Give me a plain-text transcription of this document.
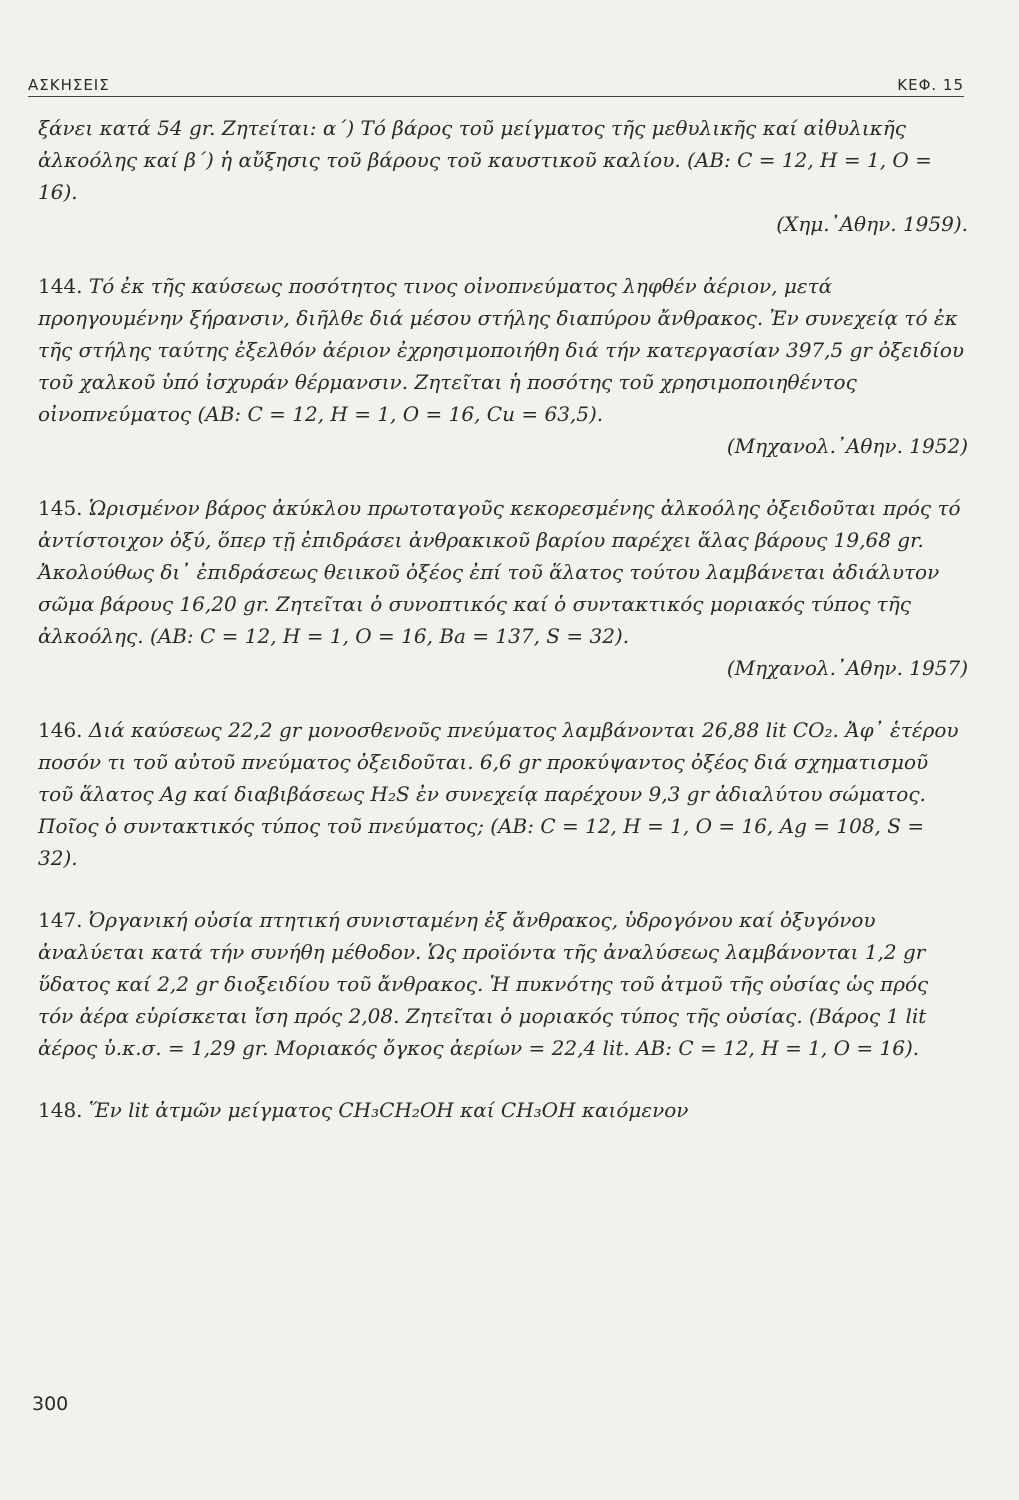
ΑΣΚΗΣΕΙΣ	ΚΕΦ. 15

ξάνει κατά 54 gr. Ζητείται: α΄) Τό βάρος τοῦ μείγματος τῆς μεθυλικῆς καί αἰθυλικῆς ἀλκοόλης καί β΄) ἡ αὔξησις τοῦ βάρους τοῦ καυστικοῦ καλίου. (ΑΒ: C = 12, H = 1, O = 16).
(Χημ.᾿Αθην. 1959).

144. Τό ἐκ τῆς καύσεως ποσότητος τινος οἰνοπνεύματος ληφθέν ἀέριον, μετά προηγουμένην ξήρανσιν, διῆλθε διά μέσου στήλης διαπύρου ἄνθρακος. Ἐν συνεχείᾳ τό ἐκ τῆς στήλης ταύτης ἐξελθόν ἀέριον ἐχρησιμοποιήθη διά τήν κατεργασίαν 397,5 gr ὀξειδίου τοῦ χαλκοῦ ὑπό ἰσχυράν θέρμανσιν. Ζητεῖται ἡ ποσότης τοῦ χρησιμοποιηθέντος οἰνοπνεύματος (ΑΒ: C = 12, H = 1, O = 16, Cu = 63,5).
(Μηχανολ.᾿Αθην. 1952)

145. Ὡρισμένον βάρος ἀκύκλου πρωτοταγοῦς κεκορεσμένης ἀλκοόλης ὀξειδοῦται πρός τό ἀντίστοιχον ὀξύ, ὅπερ τῇ ἐπιδράσει ἀνθρακικοῦ βαρίου παρέχει ἅλας βάρους 19,68 gr. Ἀκολούθως δι᾿ ἐπιδράσεως θειικοῦ ὀξέος ἐπί τοῦ ἅλατος τούτου λαμβάνεται ἀδιάλυτον σῶμα βάρους 16,20 gr. Ζητεῖται ὁ συνοπτικός καί ὁ συντακτικός μοριακός τύπος τῆς ἀλκοόλης. (ΑΒ: C = 12, H = 1, O = 16, Ba = 137, S = 32).
(Μηχανολ.᾿Αθην. 1957)

146. Διά καύσεως 22,2 gr μονοσθενοῦς πνεύματος λαμβάνονται 26,88 lit CO₂. Ἀφ᾿ ἑτέρου ποσόν τι τοῦ αὐτοῦ πνεύματος ὀξειδοῦται. 6,6 gr προκύψαντος ὀξέος διά σχηματισμοῦ τοῦ ἅλατος Ag καί διαβιβάσεως H₂S ἐν συνεχείᾳ παρέχουν 9,3 gr ἀδιαλύτου σώματος. Ποῖος ὁ συντακτικός τύπος τοῦ πνεύματος; (ΑΒ: C = 12, H = 1, O = 16, Ag = 108, S = 32).

147. Ὀργανική οὐσία πτητική συνισταμένη ἐξ ἄνθρακος, ὑδρογόνου καί ὀξυγόνου ἀναλύεται κατά τήν συνήθη μέθοδον. Ὡς προϊόντα τῆς ἀναλύσεως λαμβάνονται 1,2 gr ὕδατος καί 2,2 gr διοξειδίου τοῦ ἄνθρακος. Ἡ πυκνότης τοῦ ἀτμοῦ τῆς οὐσίας ὡς πρός τόν ἀέρα εὑρίσκεται ἴση πρός 2,08. Ζητεῖται ὁ μοριακός τύπος τῆς οὐσίας. (Βάρος 1 lit ἀέρος ὑ.κ.σ. = 1,29 gr. Μοριακός ὄγκος ἀερίων = 22,4 lit. ΑΒ: C = 12, H = 1, O = 16).

148. Ἕν lit ἀτμῶν μείγματος CH₃CH₂OH καί CH₃OH καιόμενον

300
